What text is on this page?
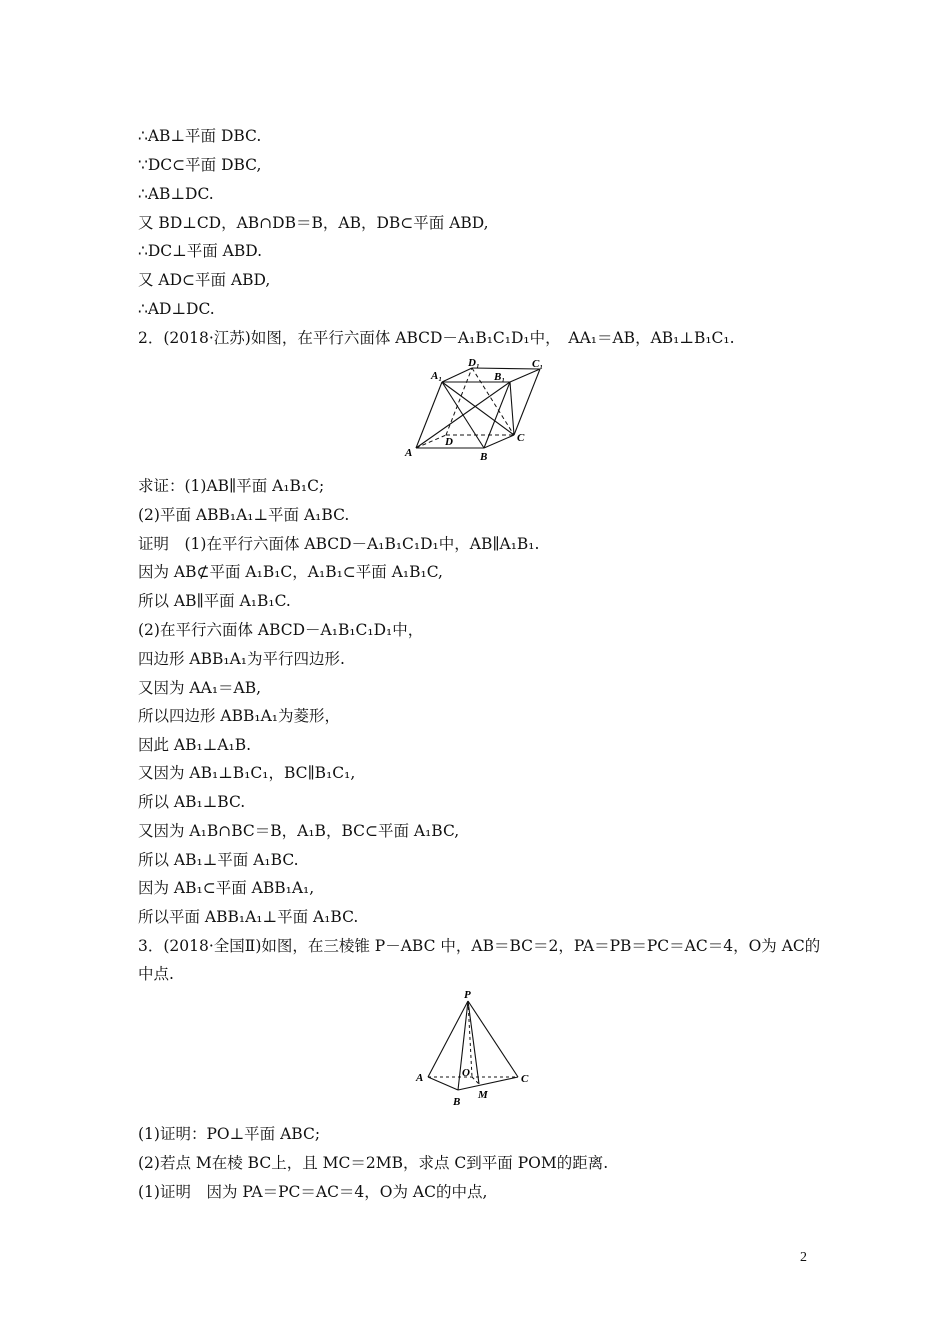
∴AB⊥平面 DBC.
∵DC⊂平面 DBC,
∴AB⊥DC.
又 BD⊥CD，AB∩DB＝B，AB，DB⊂平面 ABD,
∴DC⊥平面 ABD.
又 AD⊂平面 ABD,
∴AD⊥DC.
2．(2018·江苏)如图，在平行六面体 ABCD－A₁B₁C₁D₁中，　AA₁＝AB，AB₁⊥B₁C₁.
A	B
C
D
A₁	B₁
C₁
D₁
求证：(1)AB∥平面 A₁B₁C;
(2)平面 ABB₁A₁⊥平面 A₁BC.
证明　(1)在平行六面体 ABCD－A₁B₁C₁D₁中，AB∥A₁B₁.
因为 AB⊄平面 A₁B₁C，A₁B₁⊂平面 A₁B₁C,
所以 AB∥平面 A₁B₁C.
(2)在平行六面体 ABCD－A₁B₁C₁D₁中，
四边形 ABB₁A₁为平行四边形.
又因为 AA₁＝AB,
所以四边形 ABB₁A₁为菱形，
因此 AB₁⊥A₁B.
又因为 AB₁⊥B₁C₁，BC∥B₁C₁,
所以 AB₁⊥BC.
又因为 A₁B∩BC＝B，A₁B，BC⊂平面 A₁BC,
所以 AB₁⊥平面 A₁BC.
因为 AB₁⊂平面 ABB₁A₁,
所以平面 ABB₁A₁⊥平面 A₁BC.
3．(2018·全国Ⅱ)如图，在三棱锥 P－ABC 中，AB＝BC＝2，PA＝PB＝PC＝AC＝4，O为 AC的
中点.
P
A
B
C
O
M
(1)证明：PO⊥平面 ABC;
(2)若点 M在棱 BC上，且 MC＝2MB，求点 C到平面 POM的距离.
(1)证明　因为 PA＝PC＝AC＝4，O为 AC的中点,
2
